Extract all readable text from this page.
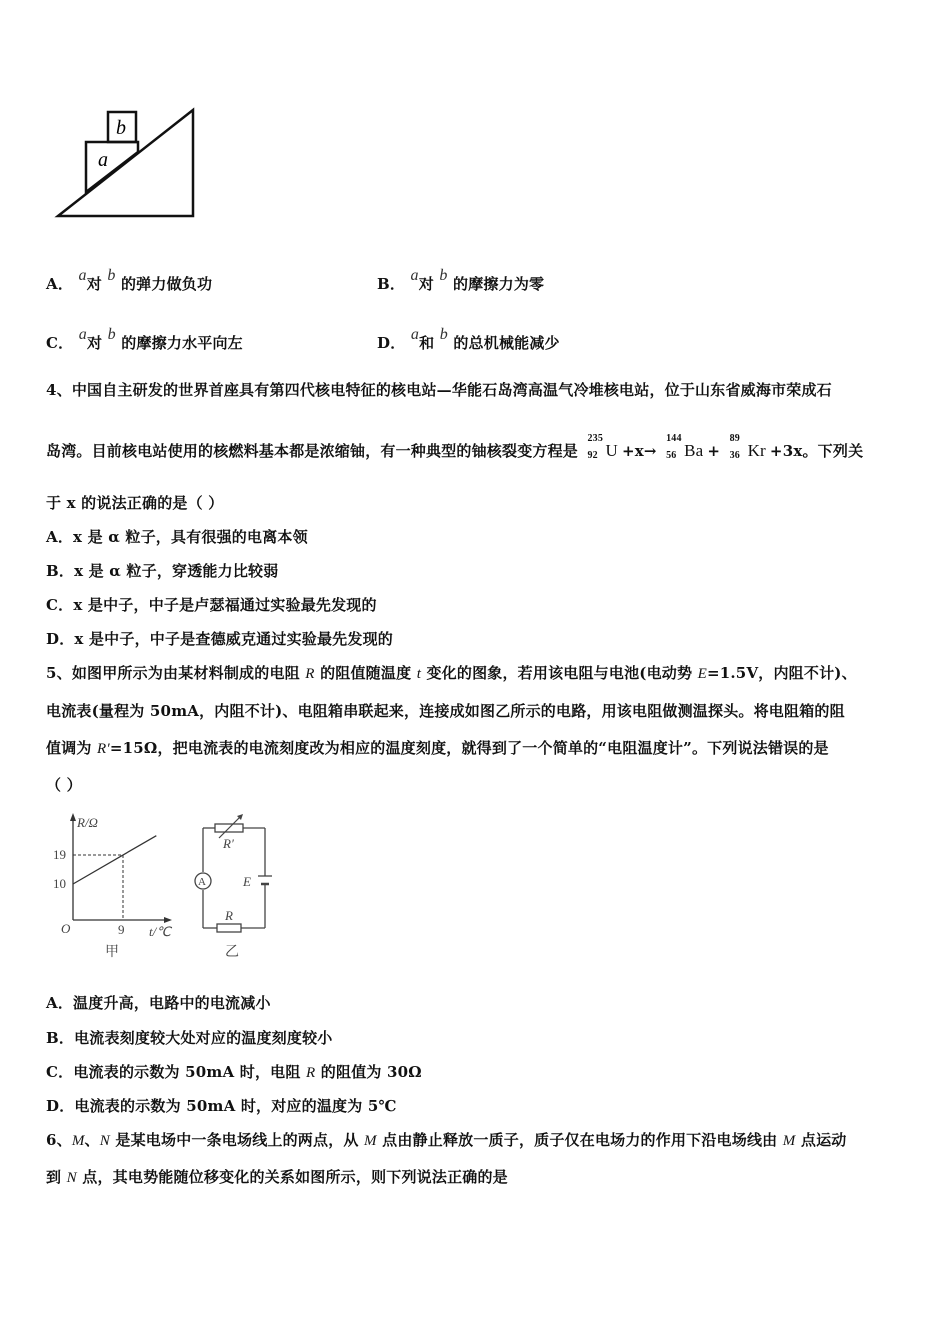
b
a
A． a对 b 的弹力做负功	B． a对 b 的摩擦力为零
C． a对 b 的摩擦力水平向左	D． a和 b 的总机械能减少
4、中国自主研发的世界首座具有第四代核电特征的核电站—华能石岛湾高温气冷堆核电站，位于山东省威海市荣成石
岛湾。目前核电站使用的核燃料基本都是浓缩铀，有一种典型的铀核裂变方程是
235
92 U +x→
144
56 Ba +
89
36 Kr +3x。下列关
于 x 的说法正确的是（ ）
A．x 是 α 粒子，具有很强的电离本领
B．x 是 α 粒子，穿透能力比较弱
C．x 是中子，中子是卢瑟福通过实验最先发现的
D．x 是中子，中子是查德威克通过实验最先发现的
5、如图甲所示为由某材料制成的电阻 R 的阻值随温度 t 变化的图象，若用该电阻与电池(电动势 E=1.5V，内阻不计)、
电流表(量程为 50mA，内阻不计)、电阻箱串联起来，连接成如图乙所示的电路，用该电阻做测温探头。将电阻箱的阻
值调为 R′=15Ω，把电流表的电流刻度改为相应的温度刻度，就得到了一个简单的“电阻温度计”。下列说法错误的是
（ ）
R/Ω
t/℃
O
19
10
9
甲
R′
A	E
R
乙
A．温度升高，电路中的电流减小
B．电流表刻度较大处对应的温度刻度较小
C．电流表的示数为 50mA 时，电阻 R 的阻值为 30Ω
D．电流表的示数为 50mA 时，对应的温度为 5℃
6、M、N 是某电场中一条电场线上的两点，从 M 点由静止释放一质子，质子仅在电场力的作用下沿电场线由 M 点运动
到 N 点，其电势能随位移变化的关系如图所示，则下列说法正确的是
